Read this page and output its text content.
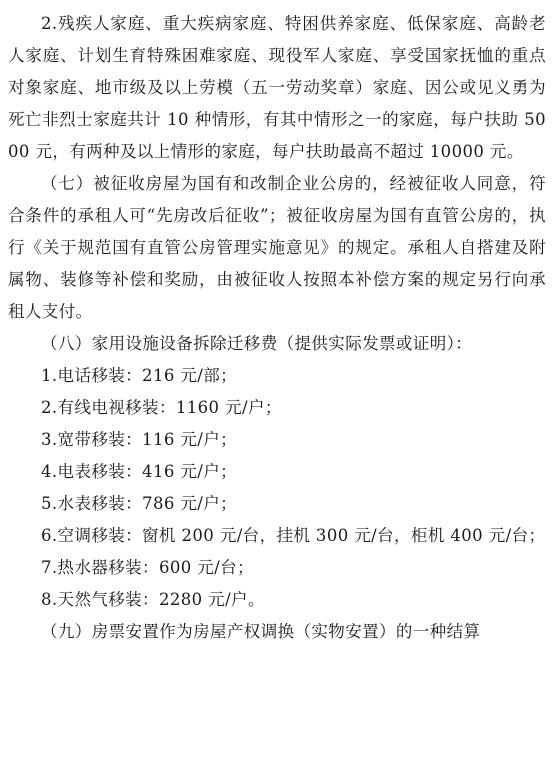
2.残疾人家庭、重大疾病家庭、特困供养家庭、低保家庭、高龄老人家庭、计划生育特殊困难家庭、现役军人家庭、享受国家抚恤的重点对象家庭、地市级及以上劳模（五一劳动奖章）家庭、因公或见义勇为死亡非烈士家庭共计 10 种情形，有其中情形之一的家庭，每户扶助 5000 元，有两种及以上情形的家庭，每户扶助最高不超过 10000 元。

（七）被征收房屋为国有和改制企业公房的，经被征收人同意，符合条件的承租人可“先房改后征收”；被征收房屋为国有直管公房的，执行《关于规范国有直管公房管理实施意见》的规定。承租人自搭建及附属物、装修等补偿和奖励，由被征收人按照本补偿方案的规定另行向承租人支付。

（八）家用设施设备拆除迁移费（提供实际发票或证明）：

1.电话移装：216 元/部；

2.有线电视移装：1160 元/户；

3.宽带移装：116 元/户；

4.电表移装：416 元/户；

5.水表移装：786 元/户；

6.空调移装：窗机 200 元/台，挂机 300 元/台，柜机 400 元/台；

7.热水器移装：600 元/台；

8.天然气移装：2280 元/户。

（九）房票安置作为房屋产权调换（实物安置）的一种结算
